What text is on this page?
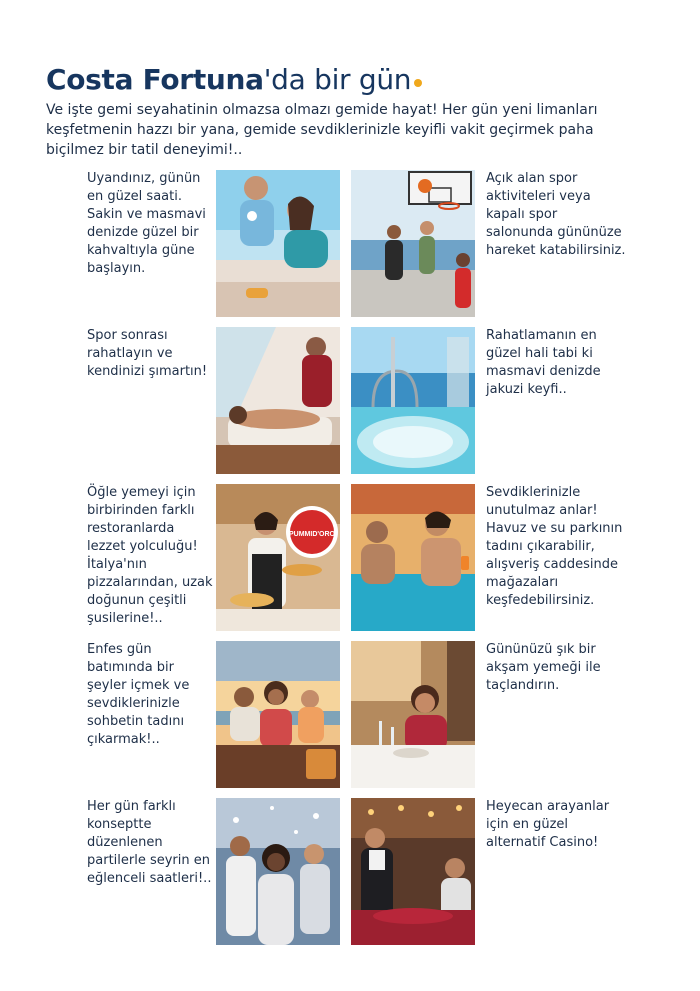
Costa Fortuna'da bir gün

Ve işte gemi seyahatinin olmazsa olmazı gemide hayat! Her gün yeni limanları keşfetmenin hazzı bir yana, gemide sevdiklerinizle keyifli vakit geçirmek paha biçilmez bir tatil deneyimi!..

Uyandınız, günün en güzel saati. Sakin ve masmavi denizde güzel bir kahvaltıyla güne başlayın.

Açık alan spor aktiviteleri veya kapalı spor salonunda gününüze hareket katabilirsiniz.

Spor sonrası rahatlayın ve kendinizi şımartın!

Rahatlamanın en güzel hali tabi ki masmavi denizde jakuzi keyfi..

Öğle yemeyi için birbirinden farklı restoranlarda lezzet yolculuğu! İtalya'nın pizzalarından, uzak doğunun çeşitli şusilerine!..

PUMMID'ORO

Sevdiklerinizle unutulmaz anlar! Havuz ve su parkının tadını çıkarabilir, alışveriş caddesinde mağazaları keşfedebilirsiniz.

Enfes gün batımında bir şeyler içmek ve sevdiklerinizle sohbetin tadını çıkarmak!..

Gününüzü şık bir akşam yemeği ile taçlandırın.

Her gün farklı konseptte düzenlenen partilerle seyrin en eğlenceli saatleri!..

Heyecan arayanlar için en güzel alternatif Casino!
